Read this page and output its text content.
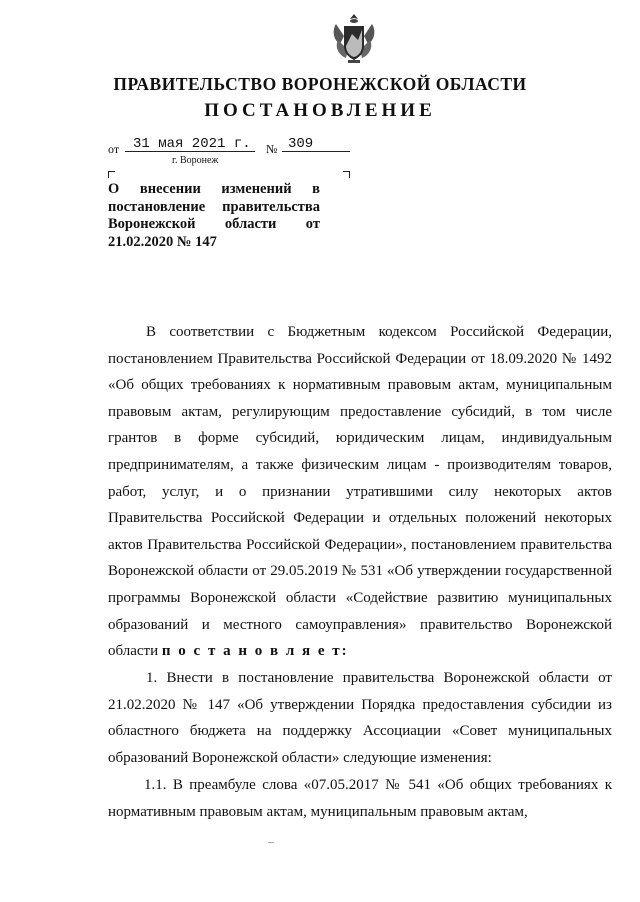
ПРАВИТЕЛЬСТВО ВОРОНЕЖСКОЙ ОБЛАСТИ
ПОСТАНОВЛЕНИЕ
от 31 мая 2021 г. № 309
г. Воронеж
О внесении изменений в постановление правительства Воронежской области от 21.02.2020 № 147

В соответствии с Бюджетным кодексом Российской Федерации, постановлением Правительства Российской Федерации от 18.09.2020 № 1492 «Об общих требованиях к нормативным правовым актам, муниципальным правовым актам, регулирующим предоставление субсидий, в том числе грантов в форме субсидий, юридическим лицам, индивидуальным предпринимателям, а также физическим лицам - производителям товаров, работ, услуг, и о признании утратившими силу некоторых актов Правительства Российской Федерации и отдельных положений некоторых актов Правительства Российской Федерации», постановлением правительства Воронежской области от 29.05.2019 № 531 «Об утверждении государственной программы Воронежской области «Содействие развитию муниципальных образований и местного самоуправления» правительство Воронежской области п о с т а н о в л я е т:

1. Внести в постановление правительства Воронежской области от 21.02.2020 № 147 «Об утверждении Порядка предоставления субсидии из областного бюджета на поддержку Ассоциации «Совет муниципальных образований Воронежской области» следующие изменения:

1.1. В преамбуле слова «07.05.2017 № 541 «Об общих требованиях к нормативным правовым актам, муниципальным правовым актам,
